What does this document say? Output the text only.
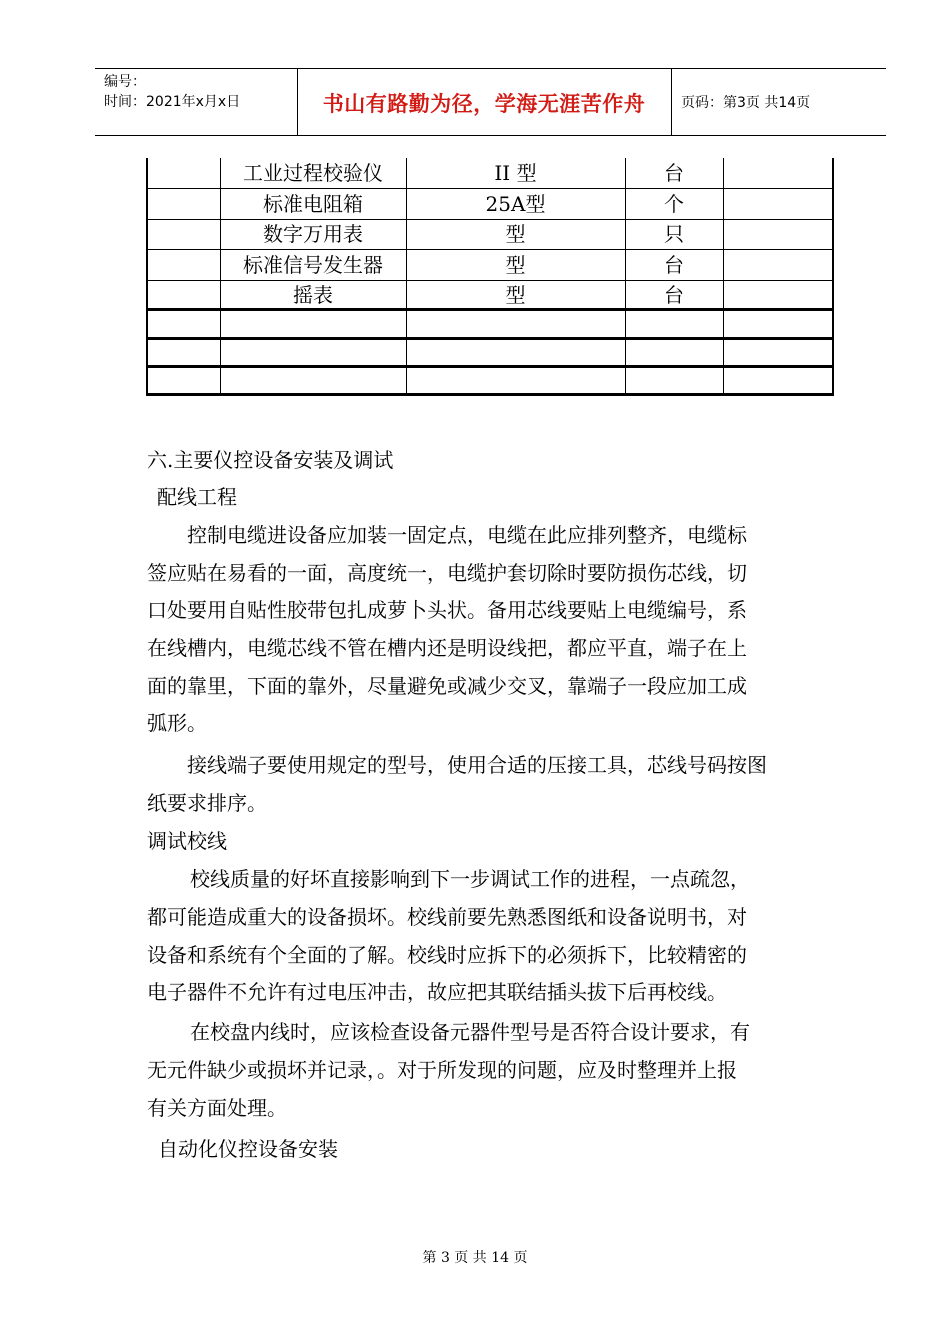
编号：
时间：2021年x月x日	书山有路勤为径，学海无涯苦作舟	页码：第3页 共14页
工业过程校验仪	II 型	台
标准电阻箱	25A型	个
数字万用表	型	只
标准信号发生器	型	台
摇表	型	台
六.主要仪控设备安装及调试
配线工程
控制电缆进设备应加装一固定点，电缆在此应排列整齐，电缆标
签应贴在易看的一面，高度统一，电缆护套切除时要防损伤芯线，切
口处要用自贴性胶带包扎成萝卜头状。备用芯线要贴上电缆编号，系
在线槽内，电缆芯线不管在槽内还是明设线把，都应平直，端子在上
面的靠里，下面的靠外，尽量避免或减少交叉，靠端子一段应加工成
弧形。
接线端子要使用规定的型号，使用合适的压接工具，芯线号码按图
纸要求排序。
调试校线
校线质量的好坏直接影响到下一步调试工作的进程，一点疏忽，
都可能造成重大的设备损坏。校线前要先熟悉图纸和设备说明书，对
设备和系统有个全面的了解。校线时应拆下的必须拆下，比较精密的
电子器件不允许有过电压冲击，故应把其联结插头拔下后再校线。
在校盘内线时，应该检查设备元器件型号是否符合设计要求，有
无元件缺少或损坏并记录，。对于所发现的问题，应及时整理并上报
有关方面处理。
自动化仪控设备安装
第 3 页 共 14 页
